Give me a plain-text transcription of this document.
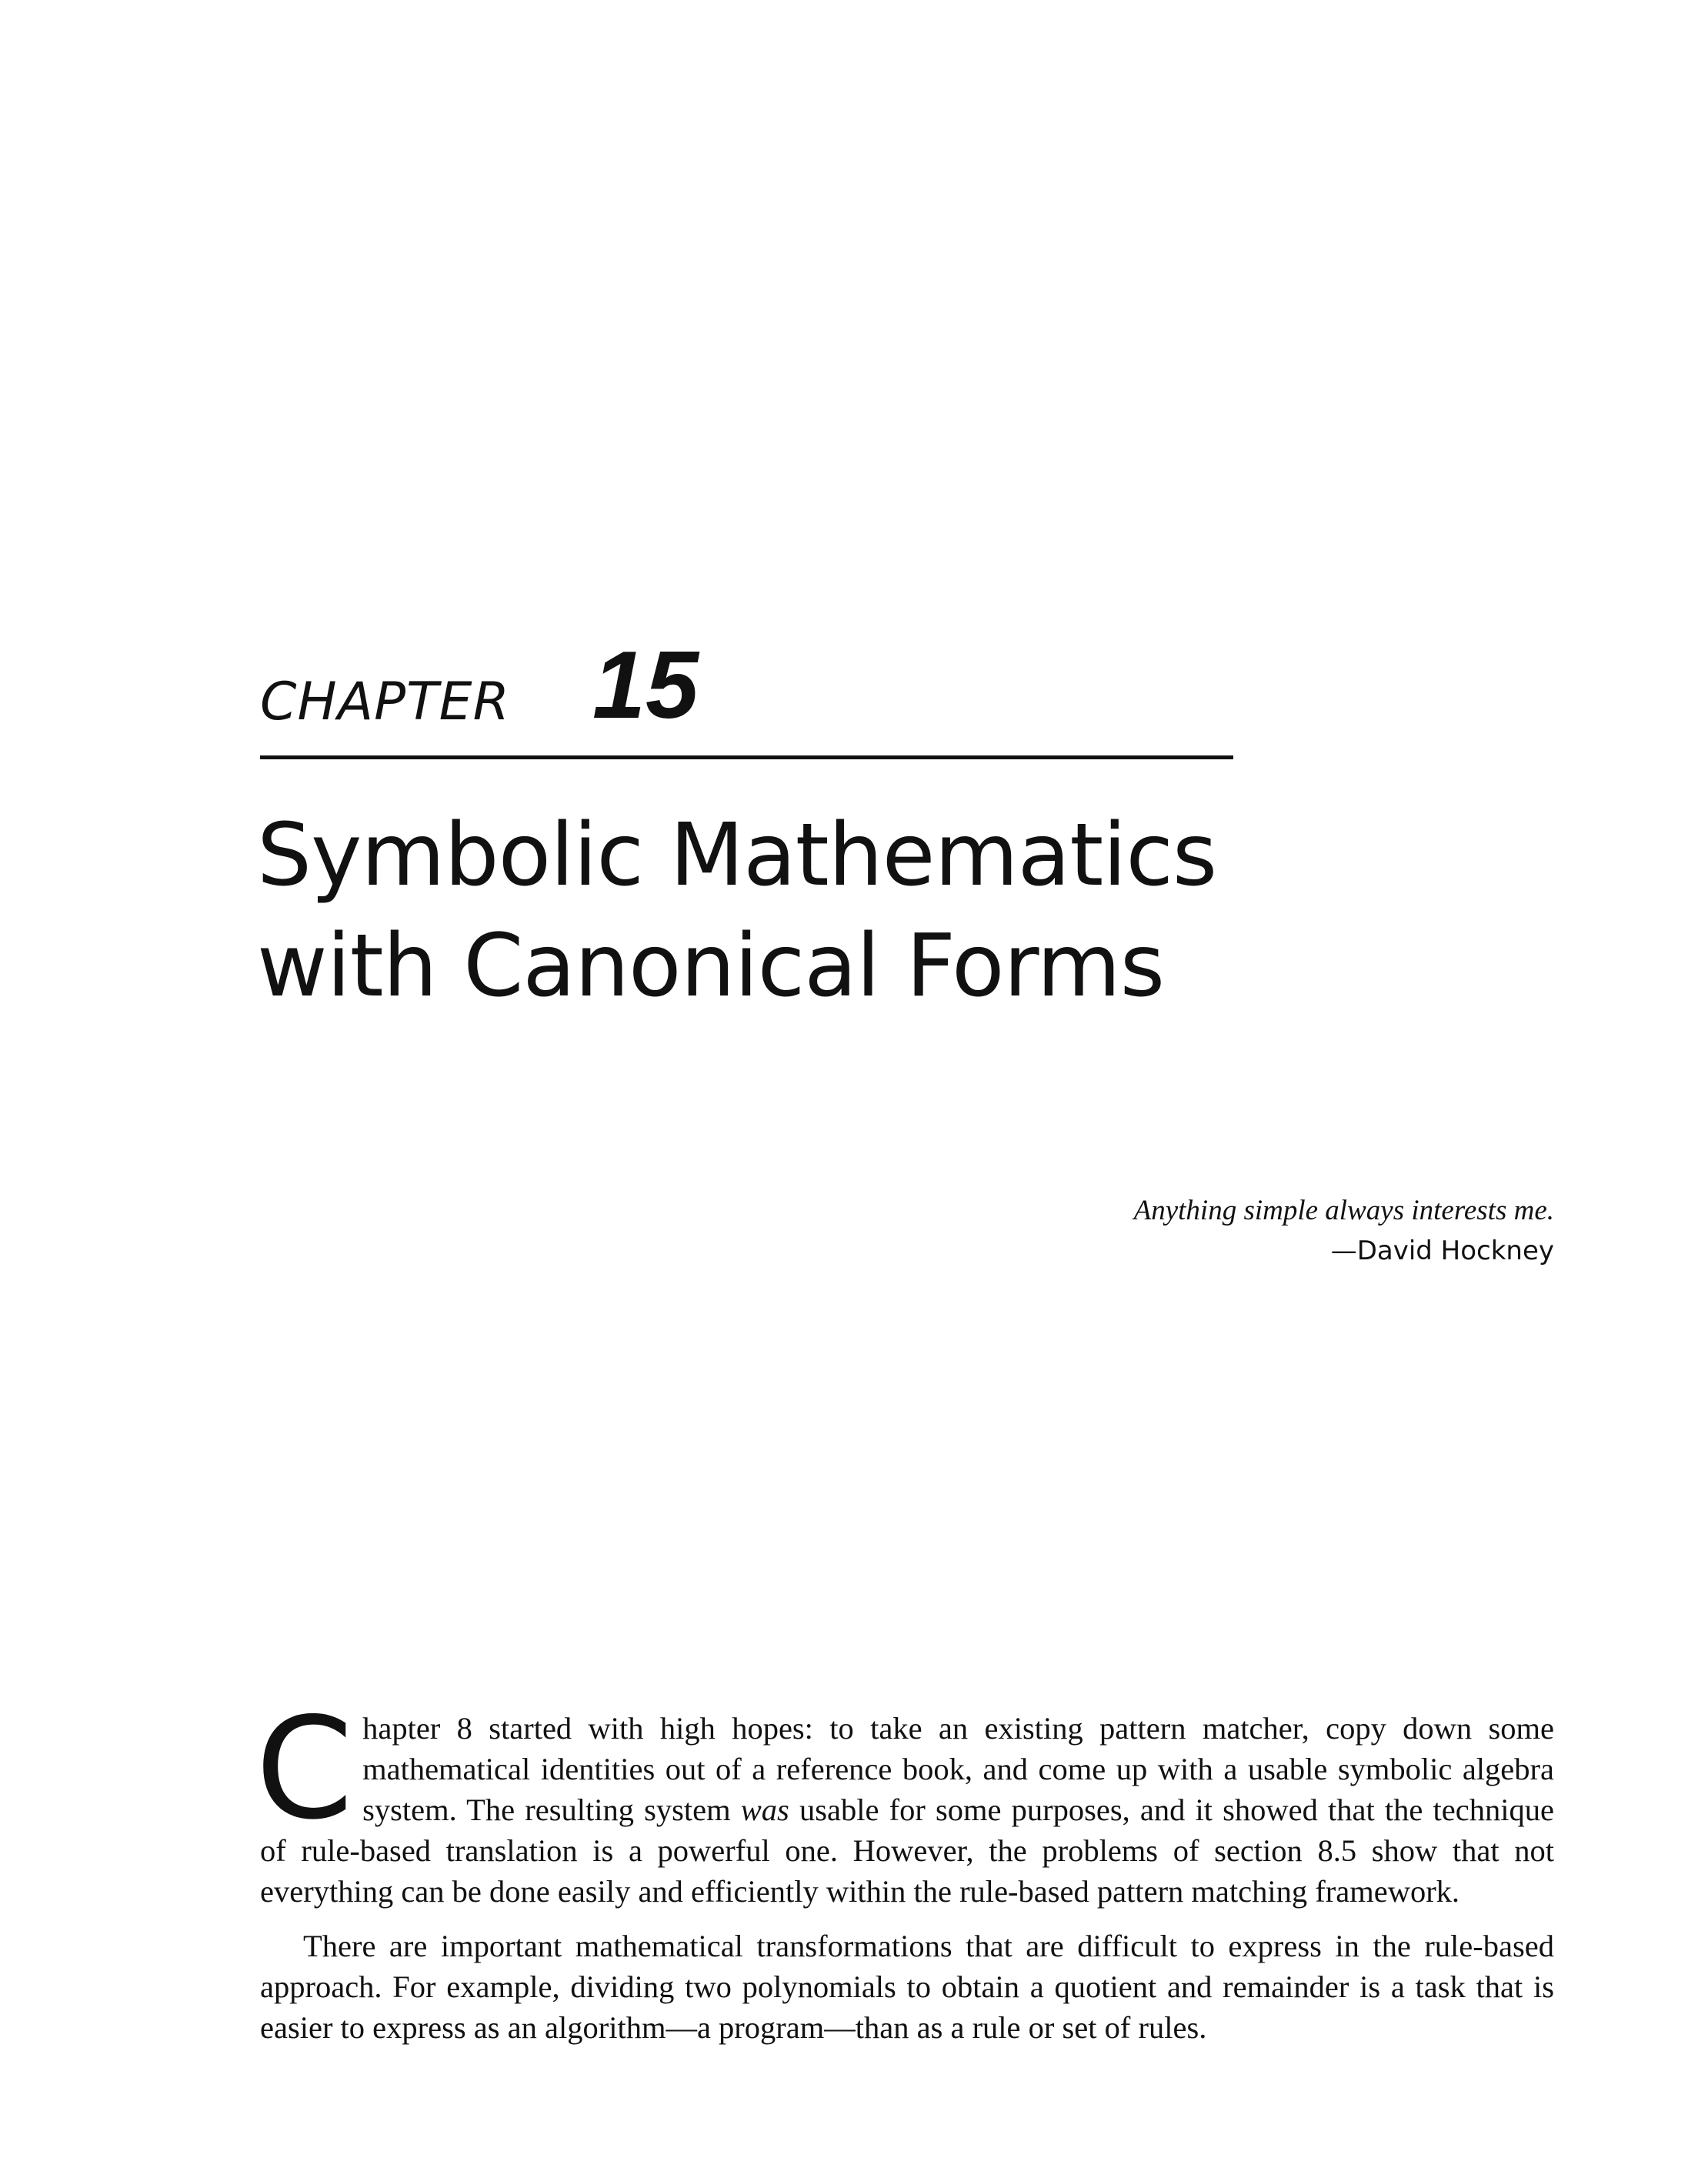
CHAPTER 15
Symbolic Mathematics
with Canonical Forms
Anything simple always interests me.
—David Hockney

Chapter 8 started with high hopes: to take an existing pattern matcher, copy down some mathematical identities out of a reference book, and come up with a usable symbolic algebra system. The resulting system was usable for some purposes, and it showed that the technique of rule-based translation is a powerful one. However, the problems of section 8.5 show that not everything can be done easily and efficiently within the rule-based pattern matching framework.

There are important mathematical transformations that are difficult to express in the rule-based approach. For example, dividing two polynomials to obtain a quotient and remainder is a task that is easier to express as an algorithm—a program—than as a rule or set of rules.
